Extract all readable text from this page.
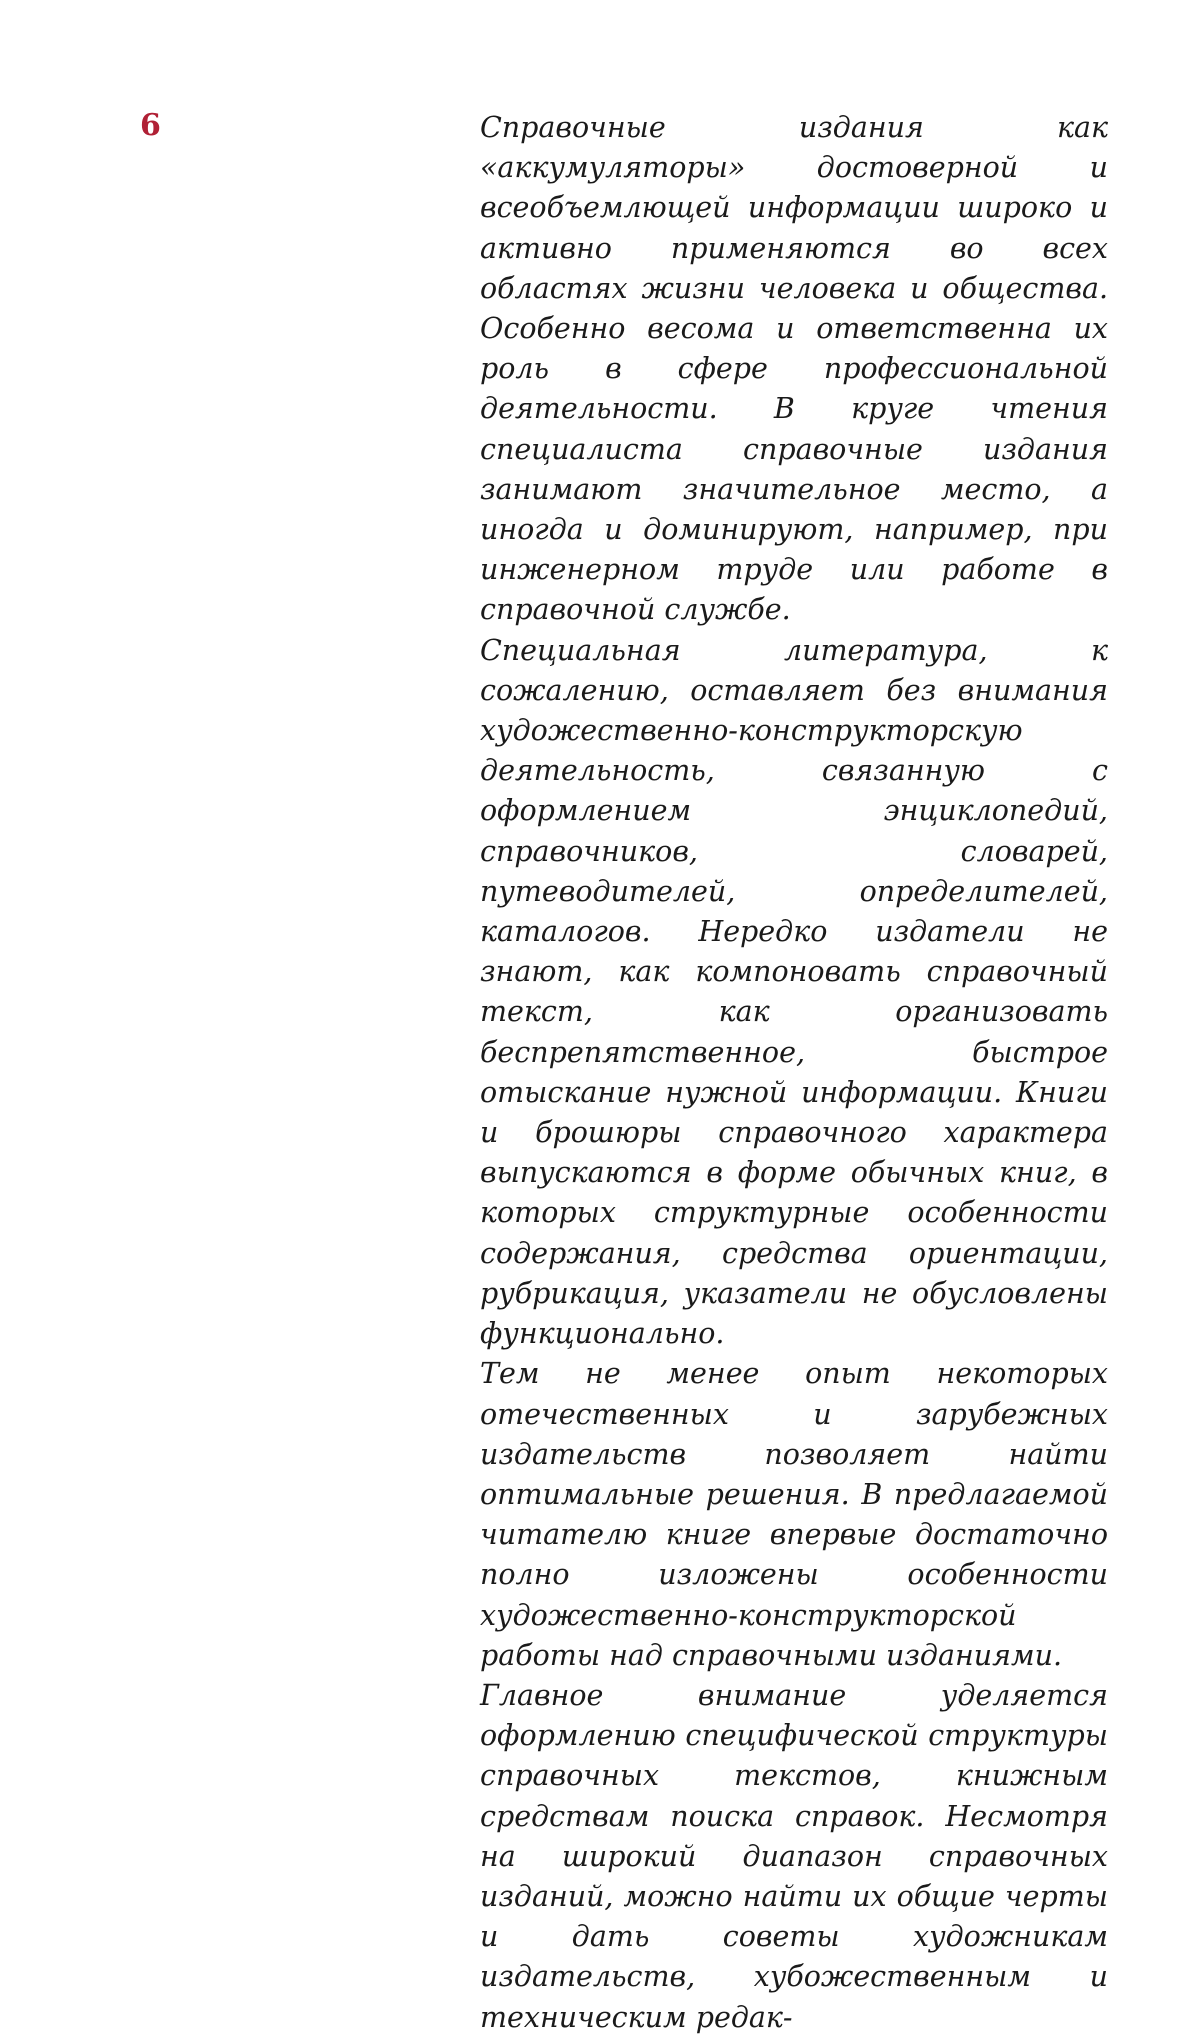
6	Справочные издания как «аккумуляторы» достоверной и всеобъемлющей информации широко и активно применяются во всех областях жизни человека и общества. Особенно весома и ответственна их роль в сфере профессиональной деятельности. В круге чтения специалиста справочные издания занимают значительное место, а иногда и доминируют, например, при инженерном труде или работе в справочной службе.

Специальная литература, к сожалению, оставляет без внимания художественно-конструкторскую деятельность, связанную с оформлением энциклопедий, справочников, словарей, путеводителей, определителей, каталогов. Нередко издатели не знают, как компоновать справочный текст, как организовать беспрепятственное, быстрое отыскание нужной информации. Книги и брошюры справочного характера выпускаются в форме обычных книг, в которых структурные особенности содержания, средства ориентации, рубрикация, указатели не обусловлены функционально.

Тем не менее опыт некоторых отечественных и зарубежных издательств позволяет найти оптимальные решения. В предлагаемой читателю книге впервые достаточно полно изложены особенности художественно-конструкторской работы над справочными изданиями.

Главное внимание уделяется оформлению специфической структуры справочных текстов, книжным средствам поиска справок. Несмотря на широкий диапазон справочных изданий, можно найти их общие черты и дать советы художникам издательств, хубожественным и техническим редак-
